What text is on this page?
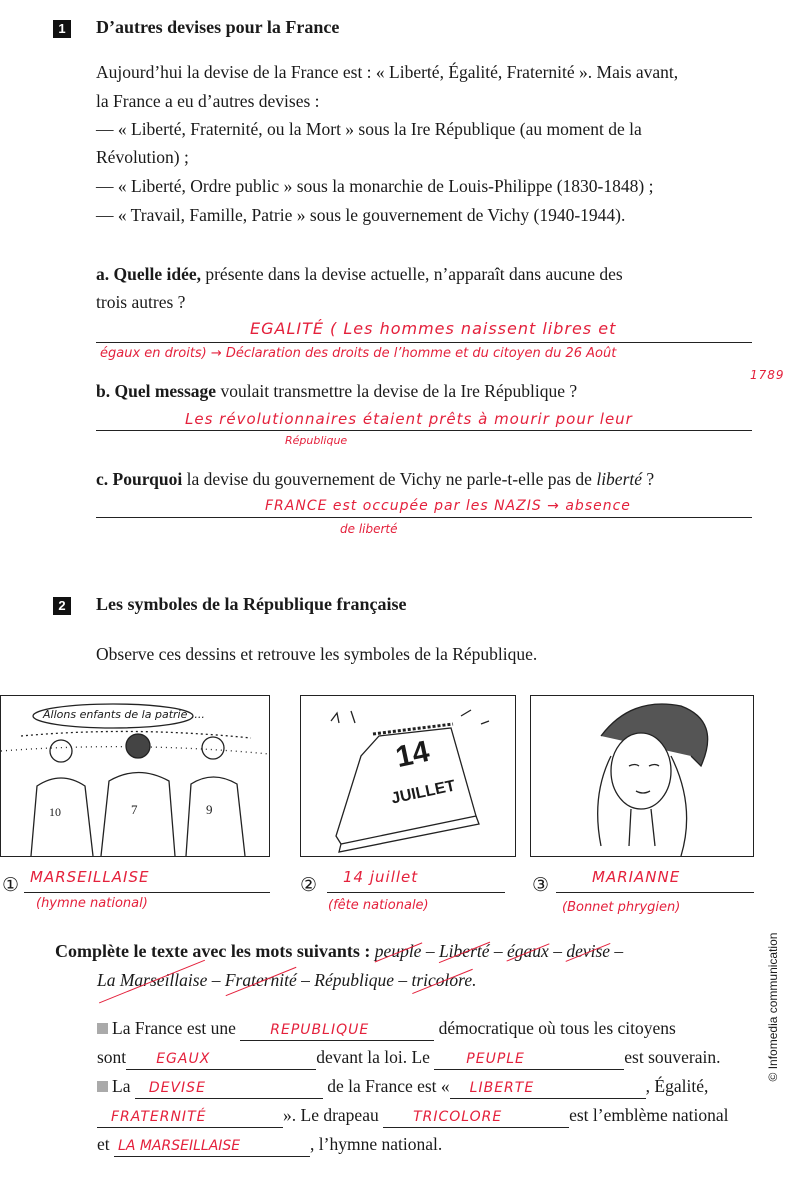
1 D’autres devises pour la France
Aujourd’hui la devise de la France est : « Liberté, Égalité, Fraternité ». Mais avant,
la France a eu d’autres devises :
— « Liberté, Fraternité, ou la Mort » sous la Ire République (au moment de la
Révolution) ;
— « Liberté, Ordre public » sous la monarchie de Louis-Philippe (1830-1848) ;
— « Travail, Famille, Patrie » sous le gouvernement de Vichy (1940-1944).
a. Quelle idée, présente dans la devise actuelle, n’apparaît dans aucune des
trois autres ?
EGALITÉ ( Les hommes naissent libres et
égaux en droits) → Déclaration des droits de l’homme et du citoyen du 26 Août
1789
b. Quel message voulait transmettre la devise de la Ire République ?
Les révolutionnaires étaient prêts à mourir pour leur
République
c. Pourquoi la devise du gouvernement de Vichy ne parle-t-elle pas de liberté ?
FRANCE est occupée par les NAZIS → absence
de liberté
2 Les symboles de la République française
Observe ces dessins et retrouve les symboles de la République.
10	7	9
Allons enfants de la patrie ....
14
JUILLET
① MARSEILLAISE
(hymne national)
②	14 juillet
(fête nationale)
③	MARIANNE
(Bonnet phrygien)
Complète le texte avec les mots suivants : peuple – Liberté – égaux – devise –
La Marseillaise – Fraternité – République – tricolore.
La France est une REPUBLIQUE	démocratique où tous les citoyens
sont EGAUX	devant la loi. Le	PEUPLE	est souverain.
La DEVISE	de la France est « LIBERTE	, Égalité,
FRATERNITÉ	». Le drapeau TRICOLORE	est l’emblème national
et LA MARSEILLAISE	, l’hymne national.
© Infomedia communication
